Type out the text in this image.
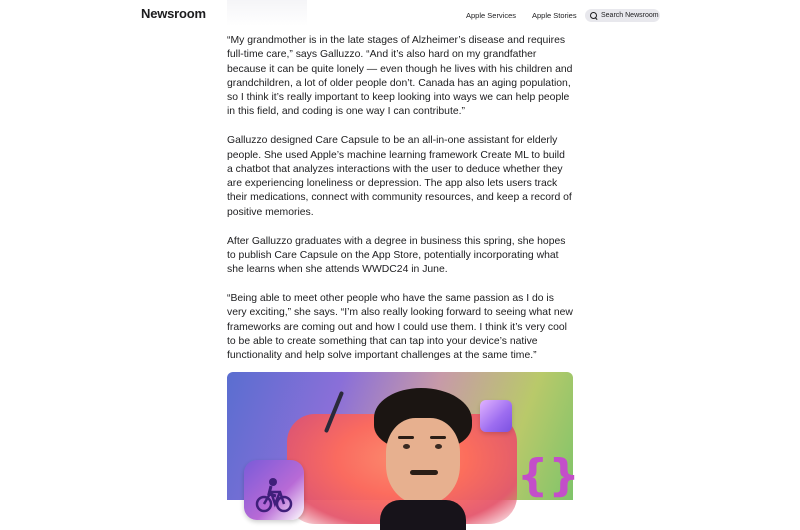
Newsroom	Apple Services Apple Stories	Search Newsroom

“My grandmother is in the late stages of Alzheimer’s disease and requires full-time care,” says Galluzzo. “And it’s also hard on my grandfather because it can be quite lonely — even though he lives with his children and grandchildren, a lot of older people don’t. Canada has an aging population, so I think it’s really important to keep looking into ways we can help people in this field, and coding is one way I can contribute.”

Galluzzo designed Care Capsule to be an all-in-one assistant for elderly people. She used Apple’s machine learning framework Create ML to build a chatbot that analyzes interactions with the user to deduce whether they are experiencing loneliness or depression. The app also lets users track their medications, connect with community resources, and keep a record of positive memories.

After Galluzzo graduates with a degree in business this spring, she hopes to publish Care Capsule on the App Store, potentially incorporating what she learns when she attends WWDC24 in June.

“Being able to meet other people who have the same passion as I do is very exciting,” she says. “I’m also really looking forward to seeing what new frameworks are coming out and how I could use them. I think it’s very cool to be able to create something that can tap into your device’s native functionality and help solve important challenges at the same time.”

{}
